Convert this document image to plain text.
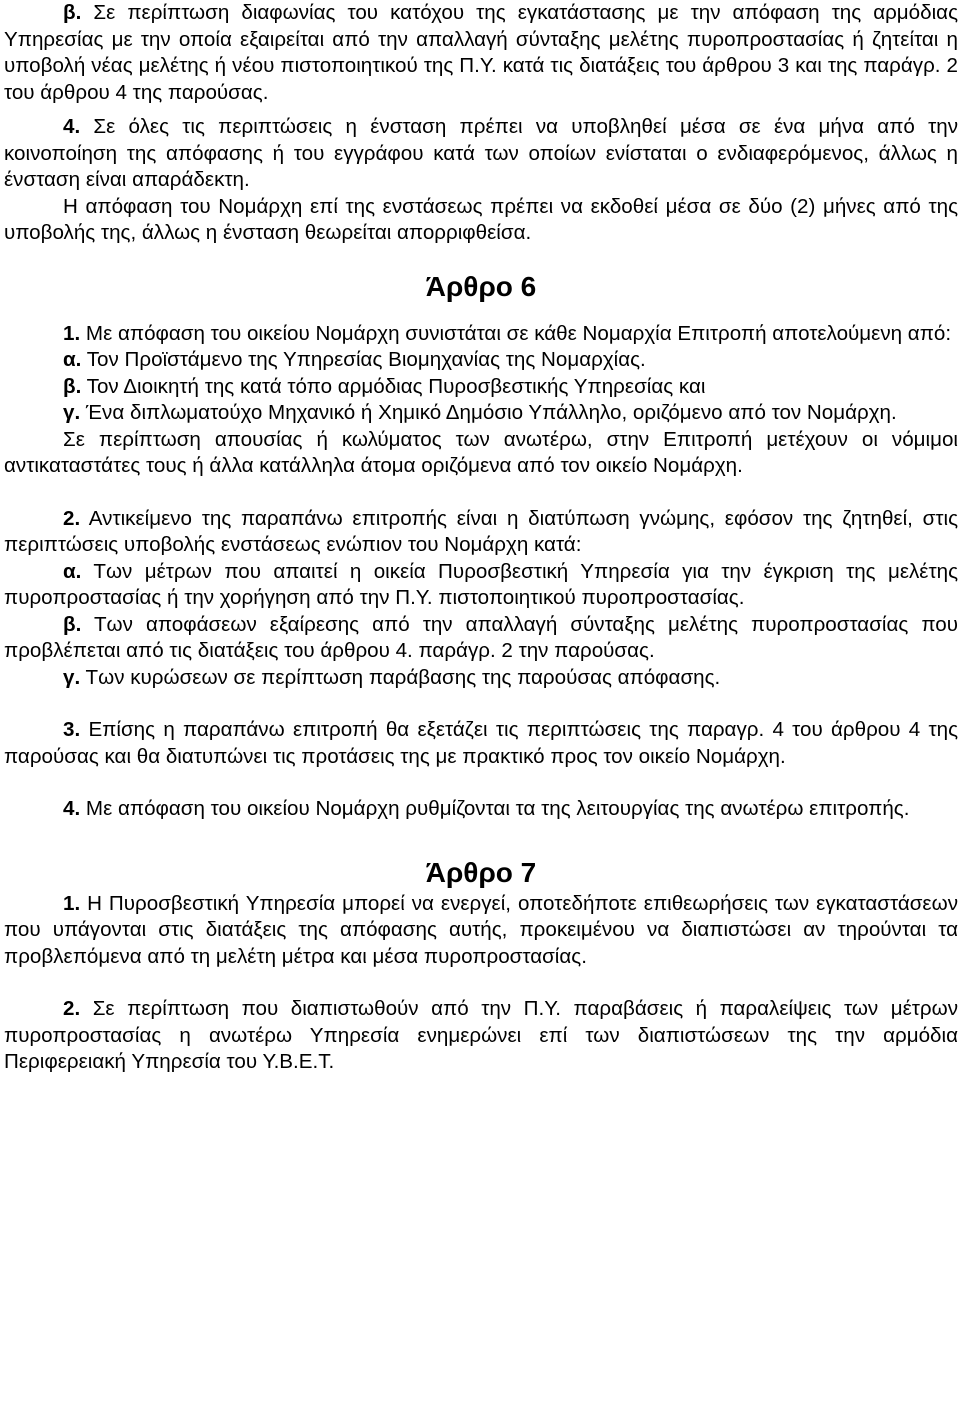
β. Σε περίπτωση διαφωνίας του κατόχου της εγκατάστασης με την απόφαση της αρμόδιας Υπηρεσίας με την οποία εξαιρείται από την απαλλαγή σύνταξης μελέτης πυροπροστασίας ή ζητείται η υποβολή νέας μελέτης ή νέου πιστοποιητικού της Π.Υ. κατά τις διατάξεις του άρθρου 3 και της παράγρ. 2 του άρθρου 4 της παρούσας.

4. Σε όλες τις περιπτώσεις η ένσταση πρέπει να υποβληθεί μέσα σε ένα μήνα από την κοινοποίηση της απόφασης ή του εγγράφου κατά των οποίων ενίσταται ο ενδιαφερόμενος, άλλως η ένσταση είναι απαράδεκτη.

Η απόφαση του Νομάρχη επί της ενστάσεως πρέπει να εκδοθεί μέσα σε δύο (2) μήνες από της υποβολής της, άλλως η ένσταση θεωρείται απορριφθείσα.

Άρθρο 6

1. Με απόφαση του οικείου Νομάρχη συνιστάται σε κάθε Νομαρχία Επιτροπή αποτελούμενη από:

α. Τον Προϊστάμενο της Υπηρεσίας Βιομηχανίας της Νομαρχίας.

β. Τον Διοικητή της κατά τόπο αρμόδιας Πυροσβεστικής Υπηρεσίας και

γ. Ένα διπλωματούχο Μηχανικό ή Χημικό Δημόσιο Υπάλληλο, οριζόμενο από τον Νομάρχη.

Σε περίπτωση απουσίας ή κωλύματος των ανωτέρω, στην Επιτροπή μετέχουν οι νόμιμοι αντικαταστάτες τους ή άλλα κατάλληλα άτομα οριζόμενα από τον οικείο Νομάρχη.

2. Αντικείμενο της παραπάνω επιτροπής είναι η διατύπωση γνώμης, εφόσον της ζητηθεί, στις περιπτώσεις υποβολής ενστάσεως ενώπιον του Νομάρχη κατά:

α. Των μέτρων που απαιτεί η οικεία Πυροσβεστική Υπηρεσία για την έγκριση της μελέτης πυροπροστασίας ή την χορήγηση από την Π.Υ. πιστοποιητικού πυροπροστασίας.

β. Των αποφάσεων εξαίρεσης από την απαλλαγή σύνταξης μελέτης πυροπροστασίας που προβλέπεται από τις διατάξεις του άρθρου 4. παράγρ. 2 την παρούσας.

γ. Των κυρώσεων σε περίπτωση παράβασης της παρούσας απόφασης.

3. Επίσης η παραπάνω επιτροπή θα εξετάζει τις περιπτώσεις της παραγρ. 4 του άρθρου 4 της παρούσας και θα διατυπώνει τις προτάσεις της με πρακτικό προς τον οικείο Νομάρχη.

4. Με απόφαση του οικείου Νομάρχη ρυθμίζονται τα της λειτουργίας της ανωτέρω επιτροπής.

Άρθρο 7

1. Η Πυροσβεστική Υπηρεσία μπορεί να ενεργεί, οποτεδήποτε επιθεωρήσεις των εγκαταστάσεων που υπάγονται στις διατάξεις της απόφασης αυτής, προκειμένου να διαπιστώσει αν τηρούνται τα προβλεπόμενα από τη μελέτη μέτρα και μέσα πυροπροστασίας.

2. Σε περίπτωση που διαπιστωθούν από την Π.Υ. παραβάσεις ή παραλείψεις των μέτρων πυροπροστασίας η ανωτέρω Υπηρεσία ενημερώνει επί των διαπιστώσεων της την αρμόδια Περιφερειακή Υπηρεσία του Υ.Β.Ε.Τ.
